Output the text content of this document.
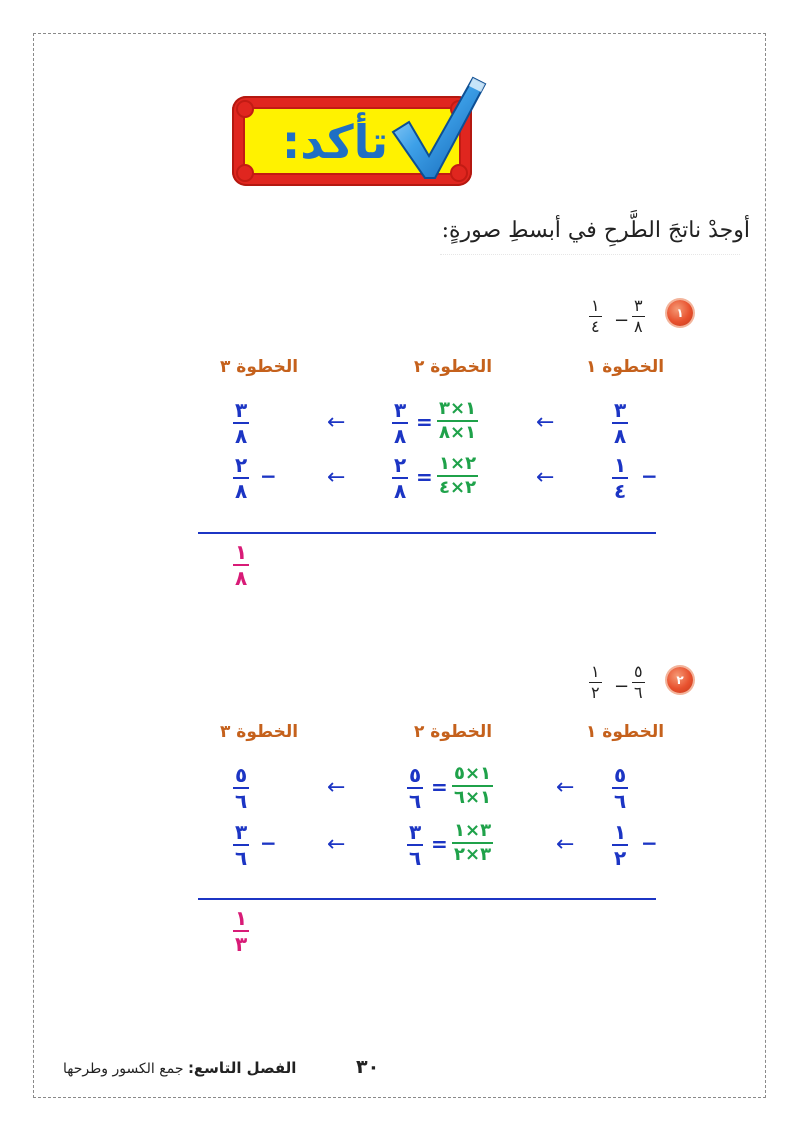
تأكد:
أوجدْ ناتجَ الطَّرحِ في أبسطِ صورةٍ:
١
٣
٨
−
١
٤
الخطوة ١
الخطوة ٢
الخطوة ٣
٣
٨
١
٤
−
←
←
١×٣
١×٨
=
٣
٨
٢×١
٢×٤
=
٢
٨
←
←
٣
٨
٢
٨
−
١
٨
٢
٥
٦
−
١
٢
الخطوة ١
الخطوة ٢
الخطوة ٣
٥
٦
١
٢
−
←
←
١×٥
١×٦
=
٥
٦
٣×١
٣×٢
=
٣
٦
←
←
٥
٦
٣
٦
−
١
٣
٣٠
الفصل التاسع: جمع الكسور وطرحها
